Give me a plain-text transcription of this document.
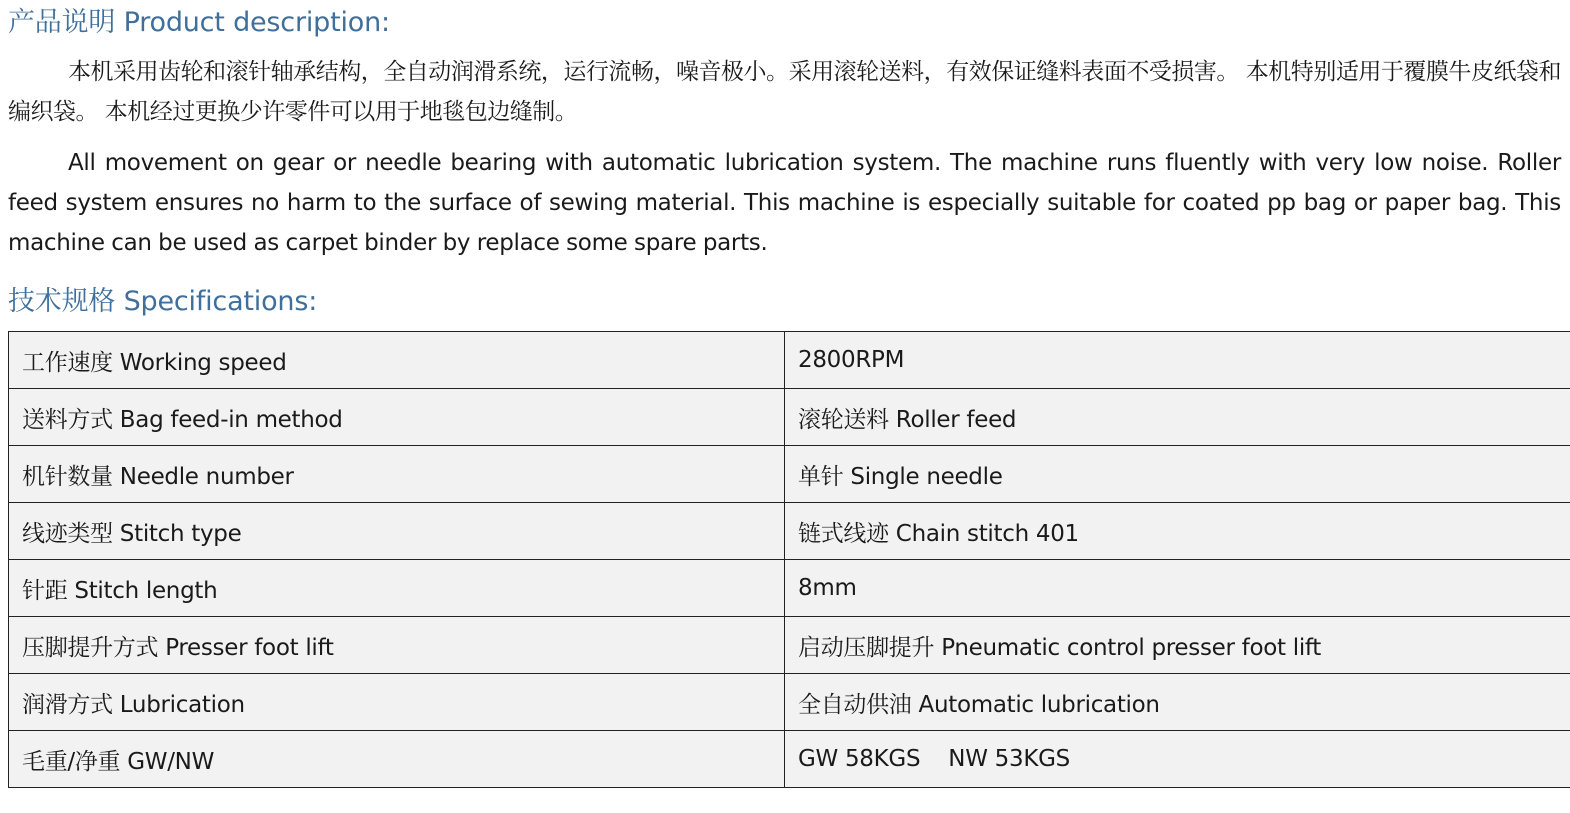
产品说明 Product description:

本机采用齿轮和滚针轴承结构，全自动润滑系统，运行流畅，噪音极小。采用滚轮送料，有效保证缝料表面不受损害。 本机特别适用于覆膜牛皮纸袋和编织袋。 本机经过更换少许零件可以用于地毯包边缝制。

All movement on gear or needle bearing with automatic lubrication system. The machine runs fluently with very low noise. Roller feed system ensures no harm to the surface of sewing material. This machine is especially suitable for coated pp bag or paper bag. This machine can be used as carpet binder by replace some spare parts.

技术规格 Specifications:
工作速度 Working speed	2800RPM
送料方式 Bag feed-in method	滚轮送料 Roller feed
机针数量 Needle number	单针 Single needle
线迹类型 Stitch type	链式线迹 Chain stitch 401
针距 Stitch length	8mm
压脚提升方式 Presser foot lift	启动压脚提升 Pneumatic control presser foot lift
润滑方式 Lubrication	全自动供油 Automatic lubrication
毛重/净重 GW/NW	GW 58KGS    NW 53KGS
